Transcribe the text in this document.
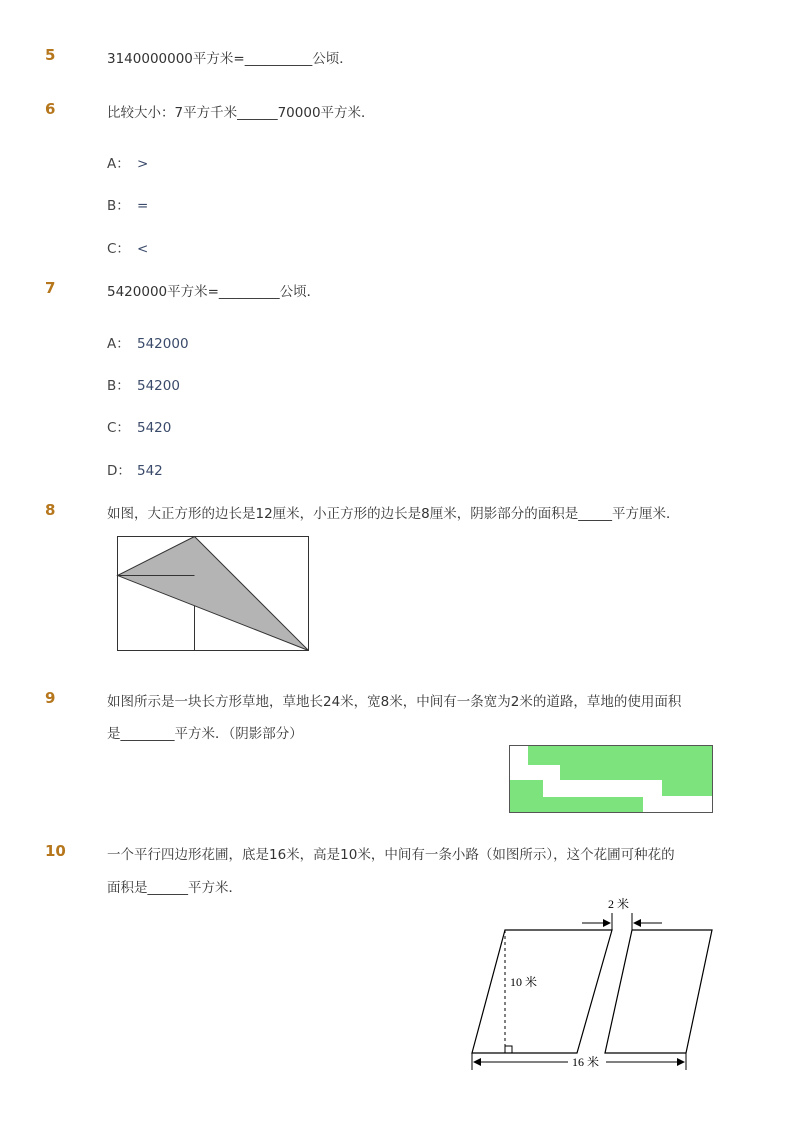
5	3140000000平方米=__________公顷．
6	比较大小：7平方千米______70000平方米．
A： >
B： =
C： <
7	5420000平方米=_________公顷．
A： 542000
B： 54200
C： 5420
D： 542
8	如图，大正方形的边长是12厘米，小正方形的边长是8厘米，阴影部分的面积是_____平方厘米．
9	如图所示是一块长方形草地，草地长24米，宽8米，中间有一条宽为2米的道路，草地的使用面积
是________平方米．（阴影部分）
10	一个平行四边形花圃，底是16米，高是10米，中间有一条小路（如图所示），这个花圃可种花的
面积是______平方米．
2 米
10 米
16 米
